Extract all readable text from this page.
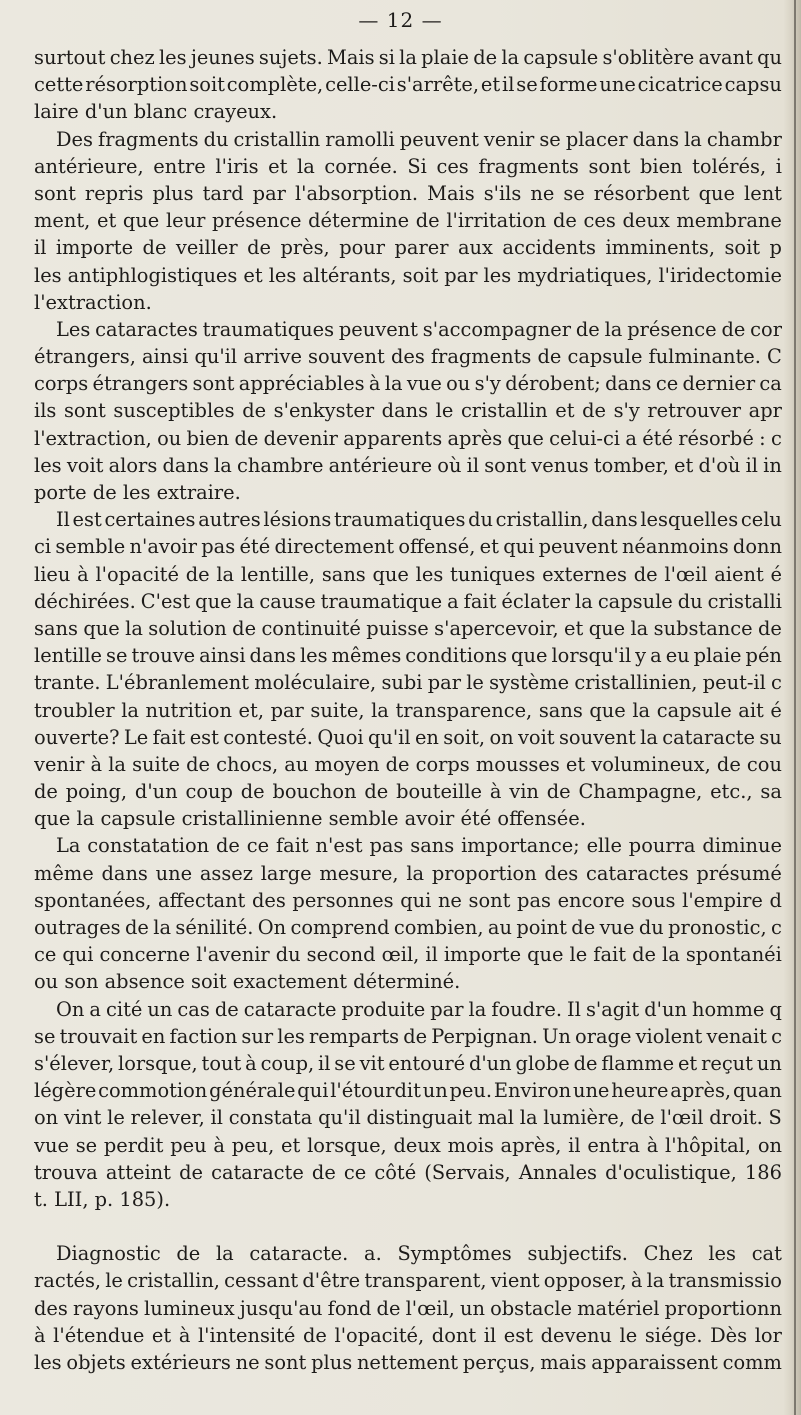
— 12 —
surtout chez les jeunes sujets. Mais si la plaie de la capsule s'oblitère avant qu
cette résorption soit complète, celle-ci s'arrête, et il se forme une cicatrice capsu
laire d'un blanc crayeux.
Des fragments du cristallin ramolli peuvent venir se placer dans la chambr
antérieure, entre l'iris et la cornée. Si ces fragments sont bien tolérés, i
sont repris plus tard par l'absorption. Mais s'ils ne se résorbent que lent
ment, et que leur présence détermine de l'irritation de ces deux membrane
il importe de veiller de près, pour parer aux accidents imminents, soit p
les antiphlogistiques et les altérants, soit par les mydriatiques, l'iridectomie
l'extraction.
Les cataractes traumatiques peuvent s'accompagner de la présence de cor
étrangers, ainsi qu'il arrive souvent des fragments de capsule fulminante. C
corps étrangers sont appréciables à la vue ou s'y dérobent; dans ce dernier ca
ils sont susceptibles de s'enkyster dans le cristallin et de s'y retrouver apr
l'extraction, ou bien de devenir apparents après que celui-ci a été résorbé : c
les voit alors dans la chambre antérieure où il sont venus tomber, et d'où il in
porte de les extraire.
Il est certaines autres lésions traumatiques du cristallin, dans lesquelles celu
ci semble n'avoir pas été directement offensé, et qui peuvent néanmoins donn
lieu à l'opacité de la lentille, sans que les tuniques externes de l'œil aient é
déchirées. C'est que la cause traumatique a fait éclater la capsule du cristalli
sans que la solution de continuité puisse s'apercevoir, et que la substance de
lentille se trouve ainsi dans les mêmes conditions que lorsqu'il y a eu plaie pén
trante. L'ébranlement moléculaire, subi par le système cristallinien, peut-il c
troubler la nutrition et, par suite, la transparence, sans que la capsule ait é
ouverte? Le fait est contesté. Quoi qu'il en soit, on voit souvent la cataracte su
venir à la suite de chocs, au moyen de corps mousses et volumineux, de cou
de poing, d'un coup de bouchon de bouteille à vin de Champagne, etc., sa
que la capsule cristallinienne semble avoir été offensée.
La constatation de ce fait n'est pas sans importance; elle pourra diminue
même dans une assez large mesure, la proportion des cataractes présumé
spontanées, affectant des personnes qui ne sont pas encore sous l'empire d
outrages de la sénilité. On comprend combien, au point de vue du pronostic, c
ce qui concerne l'avenir du second œil, il importe que le fait de la spontanéi
ou son absence soit exactement déterminé.
On a cité un cas de cataracte produite par la foudre. Il s'agit d'un homme q
se trouvait en faction sur les remparts de Perpignan. Un orage violent venait c
s'élever, lorsque, tout à coup, il se vit entouré d'un globe de flamme et reçut un
légère commotion générale qui l'étourdit un peu. Environ une heure après, quan
on vint le relever, il constata qu'il distinguait mal la lumière, de l'œil droit. S
vue se perdit peu à peu, et lorsque, deux mois après, il entra à l'hôpital, on
trouva atteint de cataracte de ce côté (Servais, Annales d'oculistique, 186
t. LII, p. 185).
Diagnostic de la cataracte. a. Symptômes subjectifs. Chez les cat
ractés, le cristallin, cessant d'être transparent, vient opposer, à la transmissio
des rayons lumineux jusqu'au fond de l'œil, un obstacle matériel proportionn
à l'étendue et à l'intensité de l'opacité, dont il est devenu le siége. Dès lor
les objets extérieurs ne sont plus nettement perçus, mais apparaissent comm
